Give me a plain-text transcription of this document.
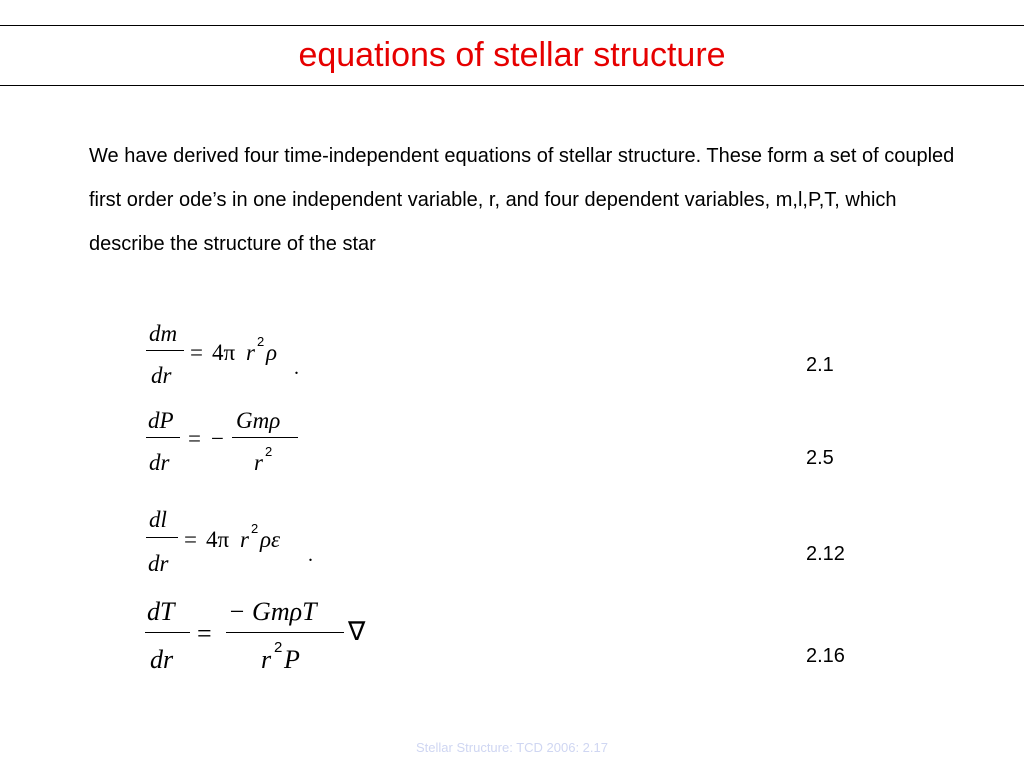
equations of stellar structure

We have derived four time-independent equations of stellar structure. These form a set of coupled first order ode’s in one independent variable, r, and four dependent variables, m,l,P,T, which describe the structure of the star

dm
dr
= 4π r 2 ρ
.	2.1
dP
dr
= −
Gmρ
r 2	2.5
dl
dr
= 4π r 2 ρε
.	2.12
dT
dr
=
− GmρT
r 2 P
∇
2.16
Stellar Structure: TCD 2006: 2.17
